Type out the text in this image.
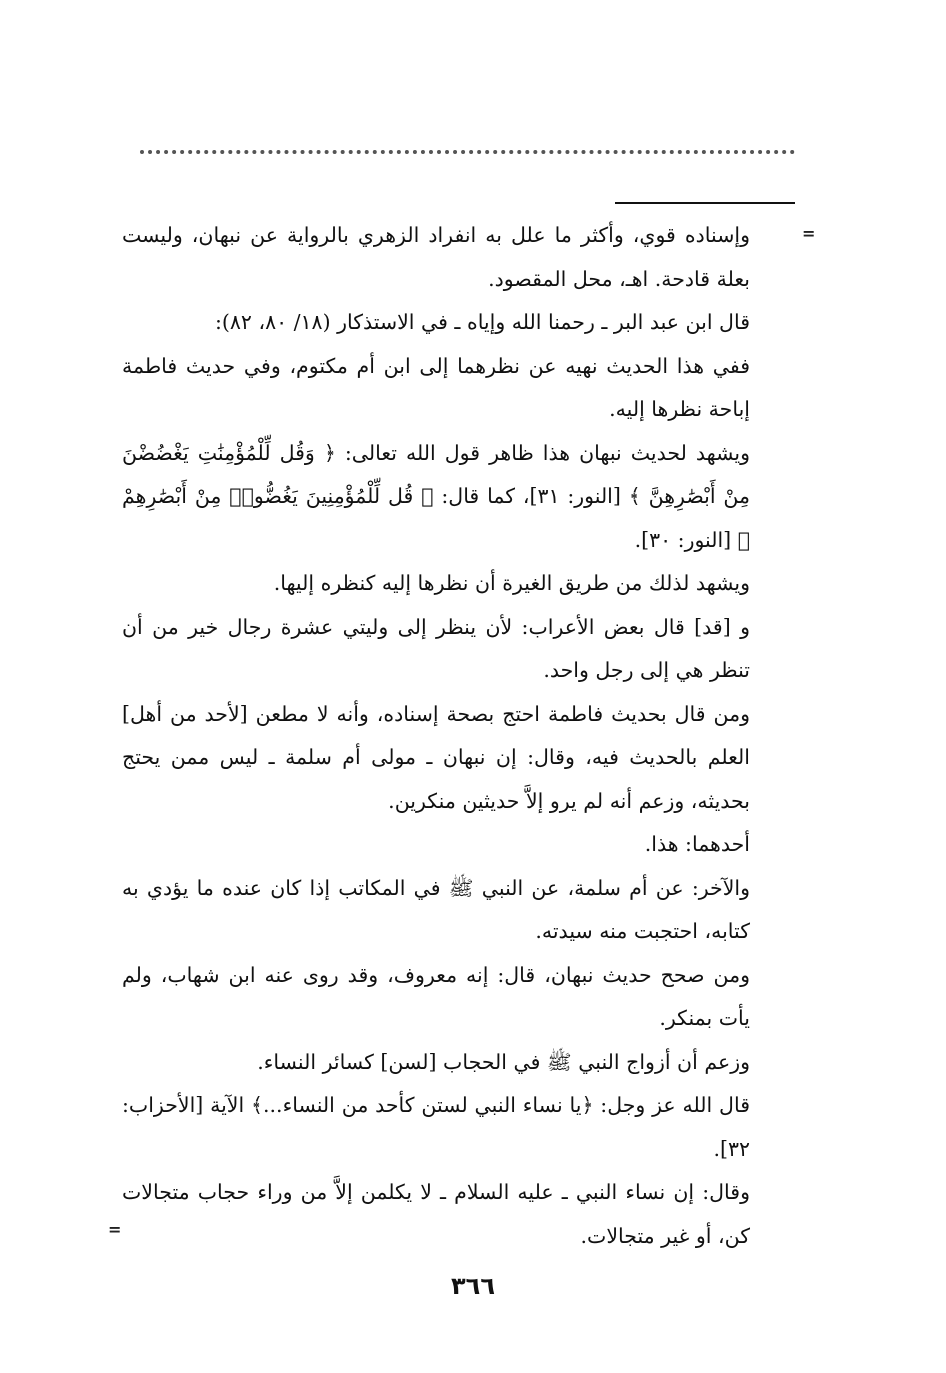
=

وإسناده قوي، وأكثر ما علل به انفراد الزهري بالرواية عن نبهان، وليست بعلة قادحة. اهـ، محل المقصود.

قال ابن عبد البر ـ رحمنا الله وإياه ـ في الاستذكار (١٨/ ٨٠، ٨٢):

ففي هذا الحديث نهيه عن نظرهما إلى ابن أم مكتوم، وفي حديث فاطمة إباحة نظرها إليه.

ويشهد لحديث نبهان هذا ظاهر قول الله تعالى: ﴿ وَقُل لِّلْمُؤْمِنَٰتِ يَغْضُضْنَ مِنْ أَبْصَٰرِهِنَّ ﴾ [النور: ٣١]، كما قال: ﴿ قُل لِّلْمُؤْمِنِينَ يَغُضُّوا۟ مِنْ أَبْصَٰرِهِمْ ﴾ [النور: ٣٠].

ويشهد لذلك من طريق الغيرة أن نظرها إليه كنظره إليها.

و [قد] قال بعض الأعراب: لأن ينظر إلى وليتي عشرة رجال خير من أن تنظر هي إلى رجل واحد.

ومن قال بحديث فاطمة احتج بصحة إسناده، وأنه لا مطعن [لأحد من أهل] العلم بالحديث فيه، وقال: إن نبهان ـ مولى أم سلمة ـ ليس ممن يحتج بحديثه، وزعم أنه لم يرو إلاَّ حديثين منكرين.

أحدهما: هذا.

والآخر: عن أم سلمة، عن النبي ﷺ في المكاتب إذا كان عنده ما يؤدي به كتابه، احتجبت منه سيدته.

ومن صحح حديث نبهان، قال: إنه معروف، وقد روى عنه ابن شهاب، ولم يأت بمنكر.

وزعم أن أزواج النبي ﷺ في الحجاب [لسن] كسائر النساء.

قال الله عز وجل: ﴿يا نساء النبي لستن كأحد من النساء...﴾ الآية [الأحزاب: ٣٢].

وقال: إن نساء النبي ـ عليه السلام ـ لا يكلمن إلاَّ من وراء حجاب متجالات كن، أو غير متجالات.

=
٣٦٦
